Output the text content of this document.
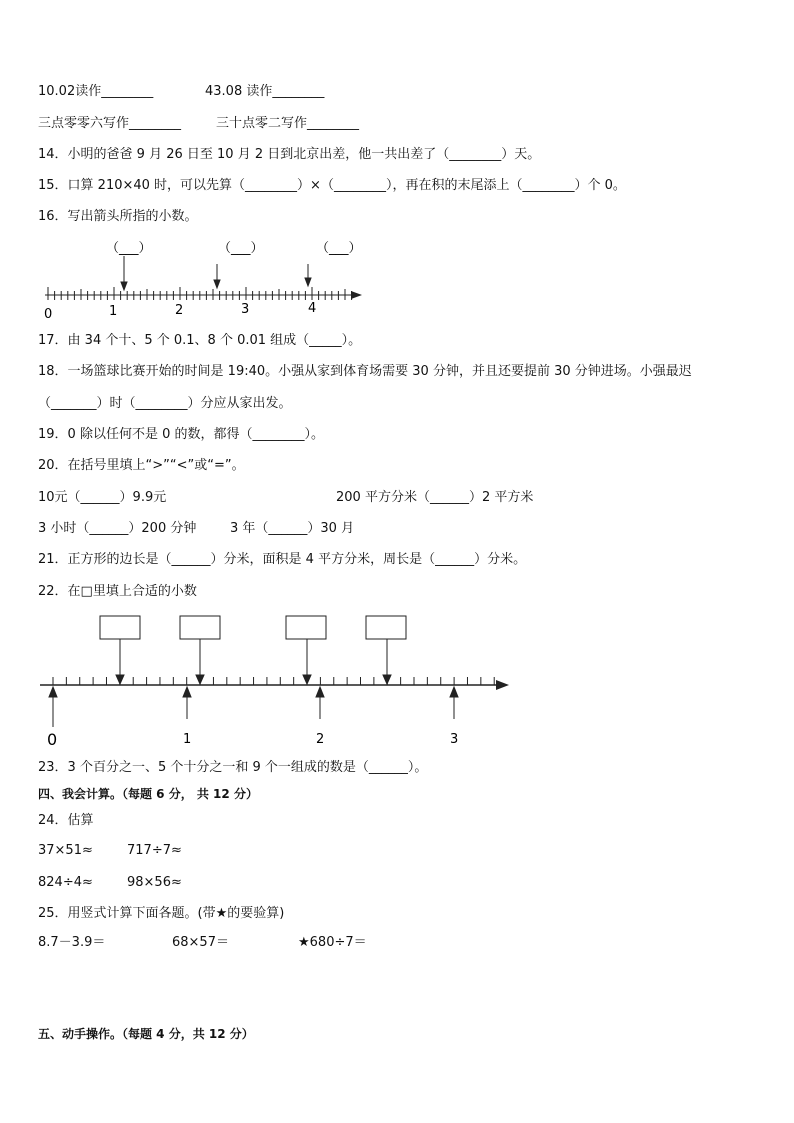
10.02读作________	43.08 读作________
三点零零六写作________	三十点零二写作________
14．小明的爸爸 9 月 26 日至 10 月 2 日到北京出差，他一共出差了（________）天。
15．口算 210×40 时，可以先算（________）×（________），再在积的末尾添上（________）个 0。
16．写出箭头所指的小数。
（___）	（___）	（___）
0	1	2	3	4
17．由 34 个十、5 个 0.1、8 个 0.01 组成（_____）。
18．一场篮球比赛开始的时间是 19:40。小强从家到体育场需要 30 分钟，并且还要提前 30 分钟进场。小强最迟
（_______）时（________）分应从家出发。
19．0 除以任何不是 0 的数，都得（________）。
20．在括号里填上“>”“<”或“=”。
10元（______）9.9元	200 平方分米（______）2 平方米
3 小时（______）200 分钟	3 年（______）30 月
21．正方形的边长是（______）分米，面积是 4 平方分米，周长是（______）分米。
22．在□里填上合适的小数
0	1	2	3
23．3 个百分之一、5 个十分之一和 9 个一组成的数是（______）。
四、我会计算。（每题 6 分， 共 12 分）
24．估算
37×51≈	717÷7≈
824÷4≈	98×56≈
25．用竖式计算下面各题。(带★的要验算)
8.7－3.9＝	68×57＝	★680÷7＝
五、动手操作。（每题 4 分，共 12 分）
